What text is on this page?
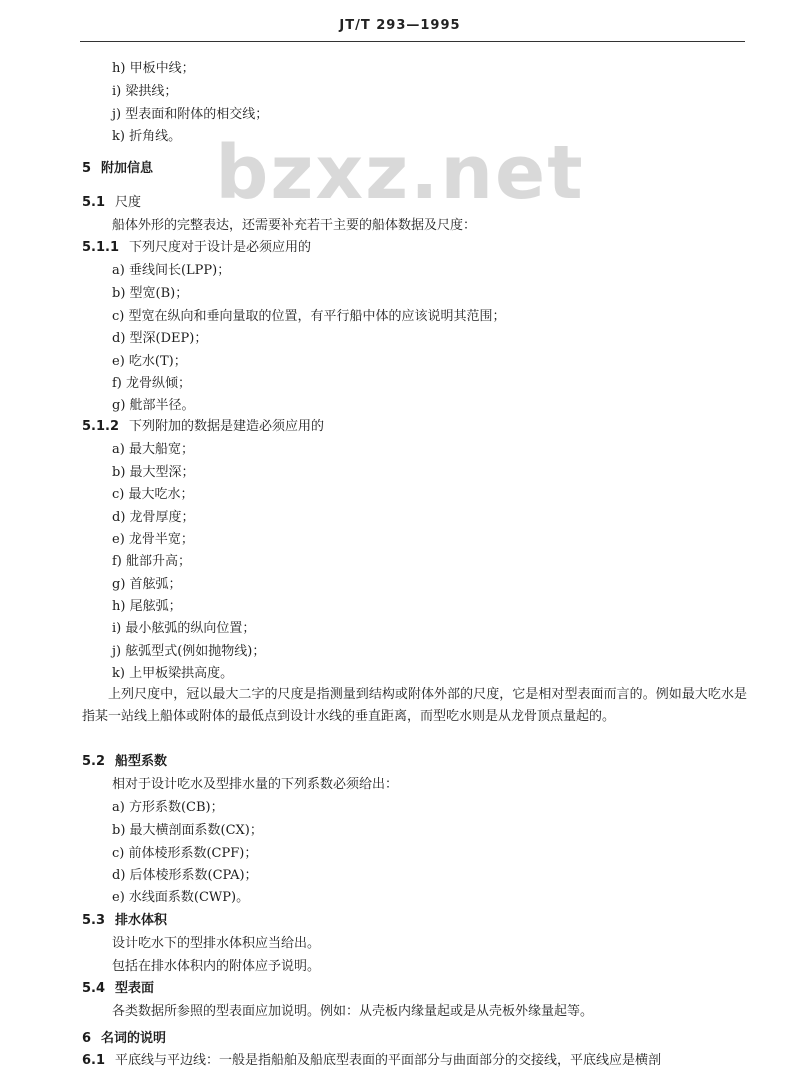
JT/T 293—1995
bzxz.net
h) 甲板中线；
i) 梁拱线；
j) 型表面和附体的相交线；
k) 折角线。
5 附加信息
5.1 尺度
船体外形的完整表达，还需要补充若干主要的船体数据及尺度：
5.1.1 下列尺度对于设计是必须应用的
a) 垂线间长(LPP)；
b) 型宽(B)；
c) 型宽在纵向和垂向量取的位置，有平行船中体的应该说明其范围；
d) 型深(DEP)；
e) 吃水(T)；
f) 龙骨纵倾；
g) 舭部半径。
5.1.2 下列附加的数据是建造必须应用的
a) 最大船宽；
b) 最大型深；
c) 最大吃水；
d) 龙骨厚度；
e) 龙骨半宽；
f) 舭部升高；
g) 首舷弧；
h) 尾舷弧；
i) 最小舷弧的纵向位置；
j) 舷弧型式(例如抛物线)；
k) 上甲板梁拱高度。
上列尺度中，冠以最大二字的尺度是指测量到结构或附体外部的尺度，它是相对型表面而言的。例如最大吃水是指某一站线上船体或附体的最低点到设计水线的垂直距离，而型吃水则是从龙骨顶点量起的。
5.2 船型系数
相对于设计吃水及型排水量的下列系数必须给出：
a) 方形系数(CB)；
b) 最大横剖面系数(CX)；
c) 前体棱形系数(CPF)；
d) 后体棱形系数(CPA)；
e) 水线面系数(CWP)。
5.3 排水体积
设计吃水下的型排水体积应当给出。
包括在排水体积内的附体应予说明。
5.4 型表面
各类数据所参照的型表面应加说明。例如：从壳板内缘量起或是从壳板外缘量起等。
6 名词的说明
6.1 平底线与平边线：一般是指船舶及船底型表面的平面部分与曲面部分的交接线，平底线应是横剖
